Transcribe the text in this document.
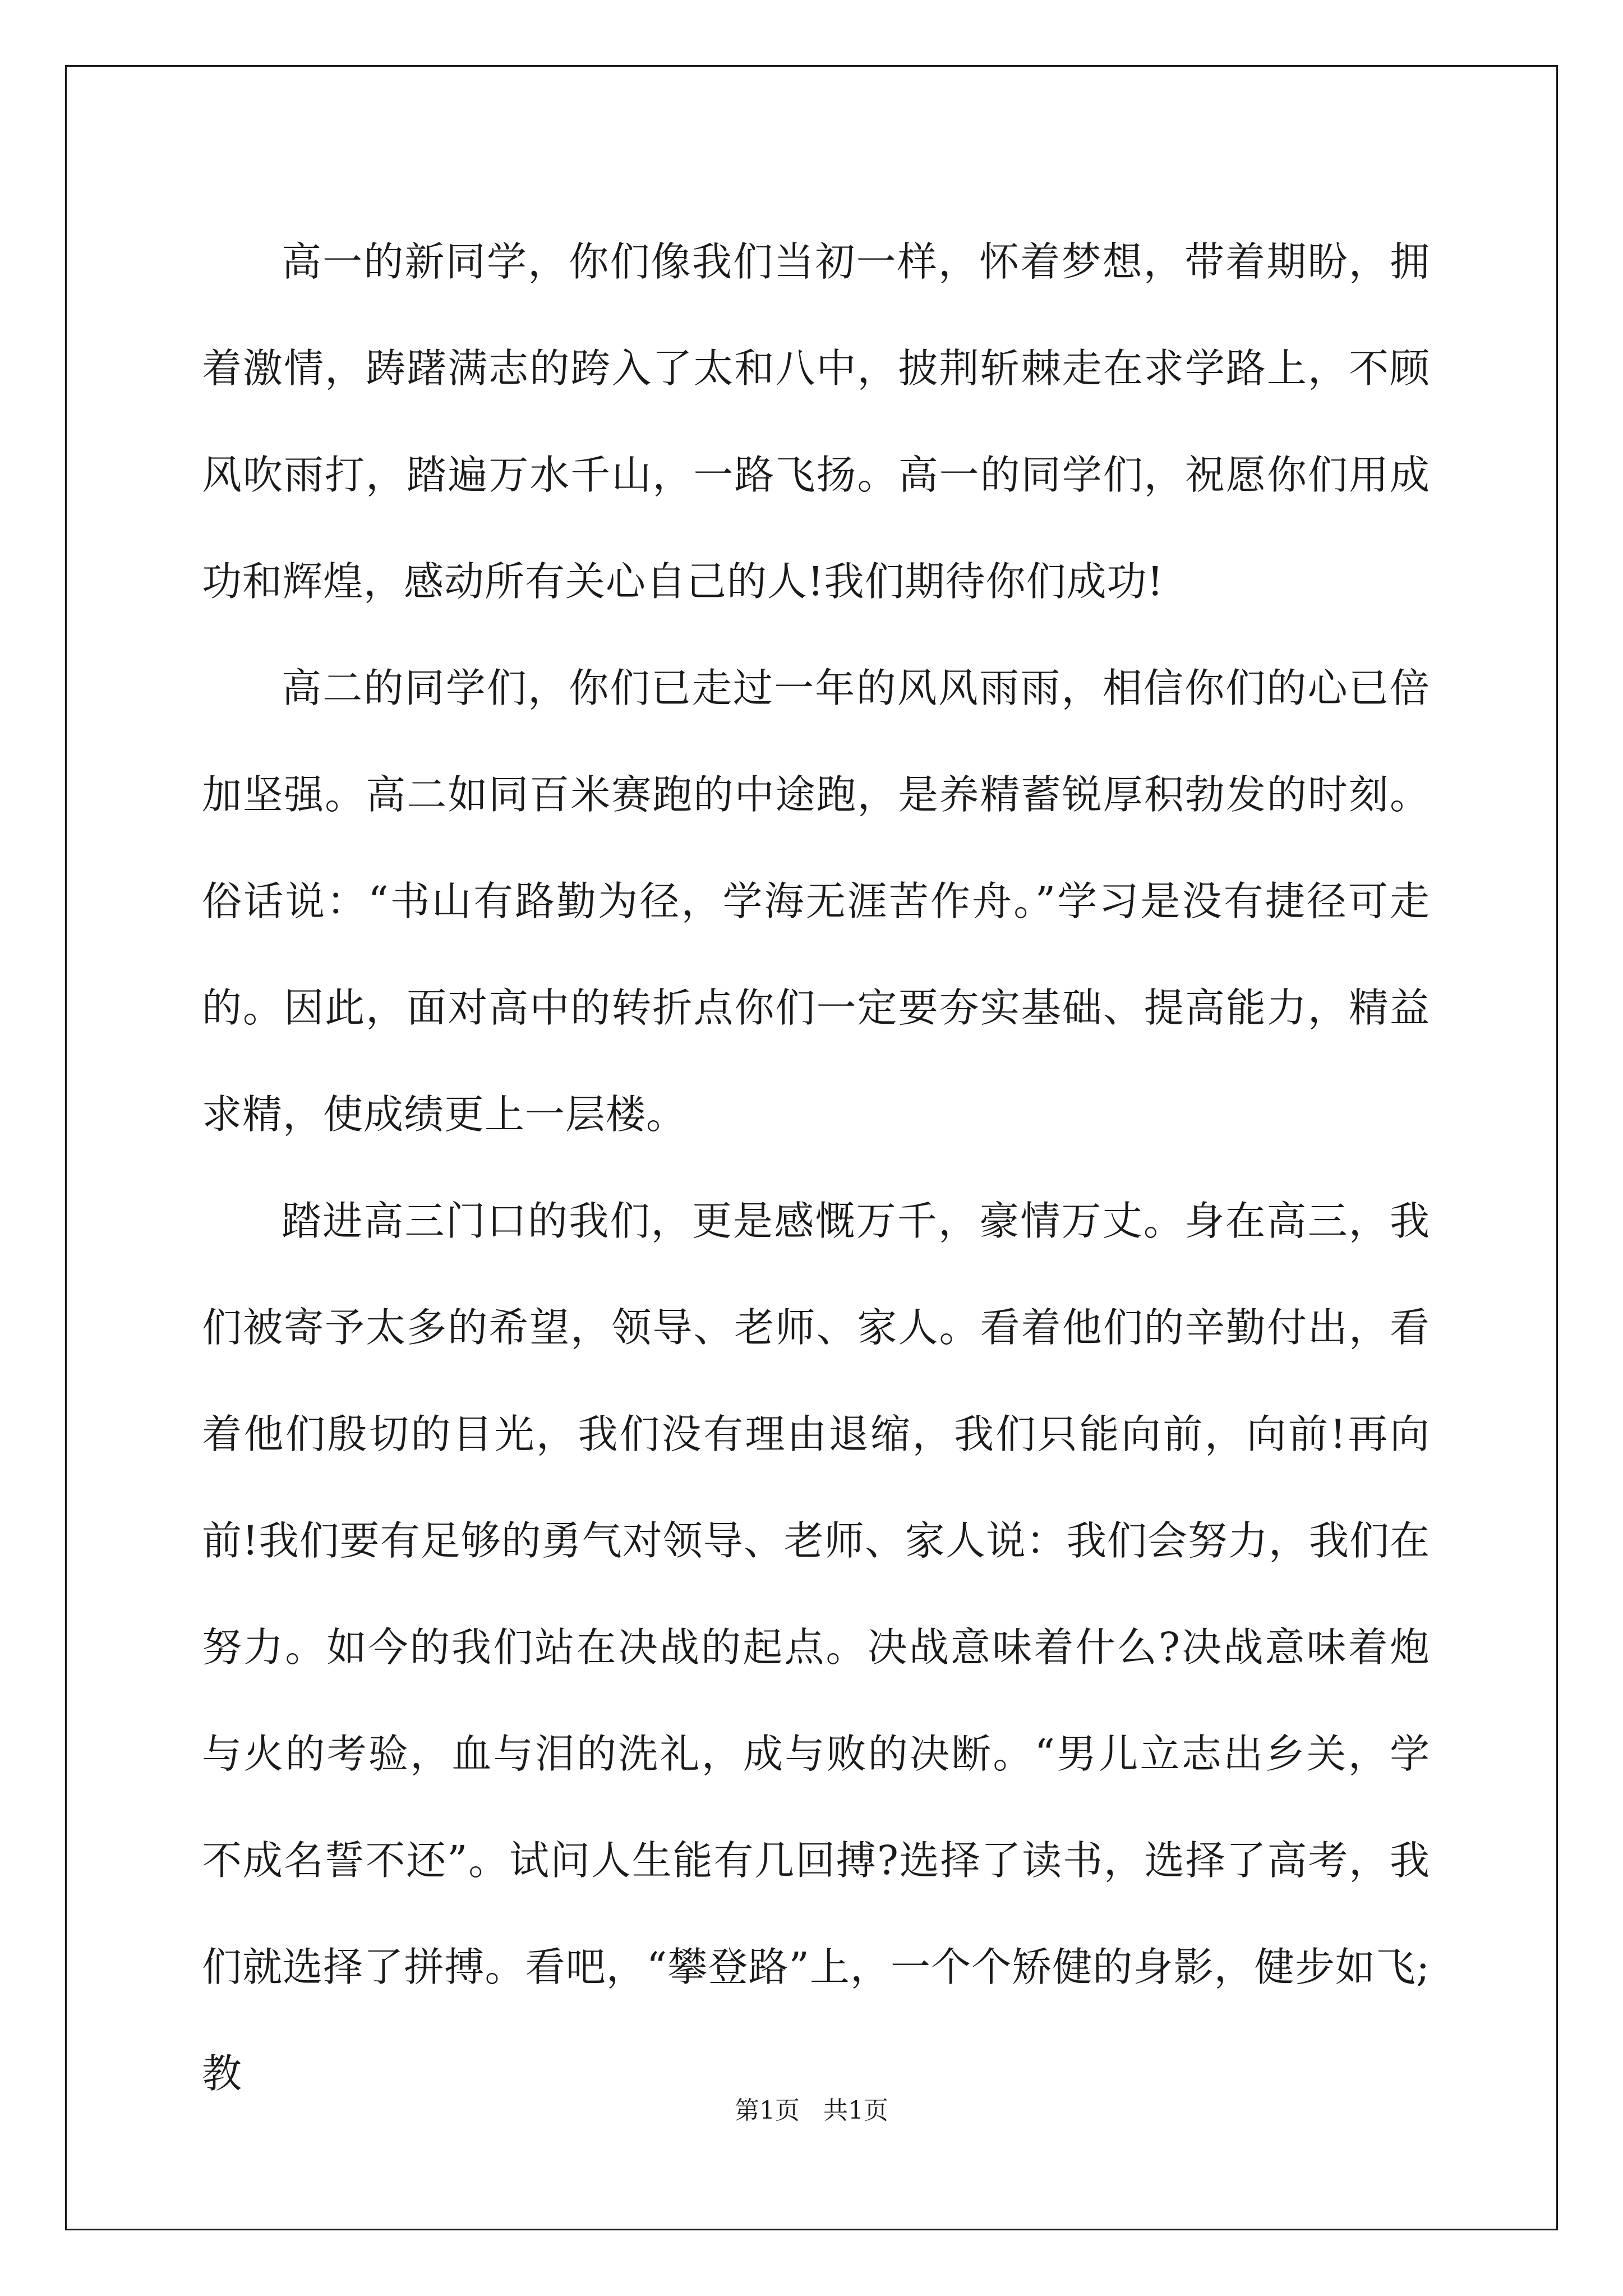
高一的新同学，你们像我们当初一样，怀着梦想，带着期盼，拥着激情，踌躇满志的跨入了太和八中，披荆斩棘走在求学路上，不顾风吹雨打，踏遍万水千山，一路飞扬。高一的同学们，祝愿你们用成功和辉煌，感动所有关心自己的人!我们期待你们成功!

高二的同学们，你们已走过一年的风风雨雨，相信你们的心已倍加坚强。高二如同百米赛跑的中途跑，是养精蓄锐厚积勃发的时刻。俗话说：“书山有路勤为径，学海无涯苦作舟。”学习是没有捷径可走的。因此，面对高中的转折点你们一定要夯实基础、提高能力，精益求精，使成绩更上一层楼。

踏进高三门口的我们，更是感慨万千，豪情万丈。身在高三，我们被寄予太多的希望，领导、老师、家人。看着他们的辛勤付出，看着他们殷切的目光，我们没有理由退缩，我们只能向前，向前!再向前!我们要有足够的勇气对领导、老师、家人说：我们会努力，我们在努力。如今的我们站在决战的起点。决战意味着什么?决战意味着炮与火的考验，血与泪的洗礼，成与败的决断。“男儿立志出乡关，学不成名誓不还”。试问人生能有几回搏?选择了读书，选择了高考，我们就选择了拼搏。看吧，“攀登路”上，一个个矫健的身影，健步如飞;教

第1页   共1页
